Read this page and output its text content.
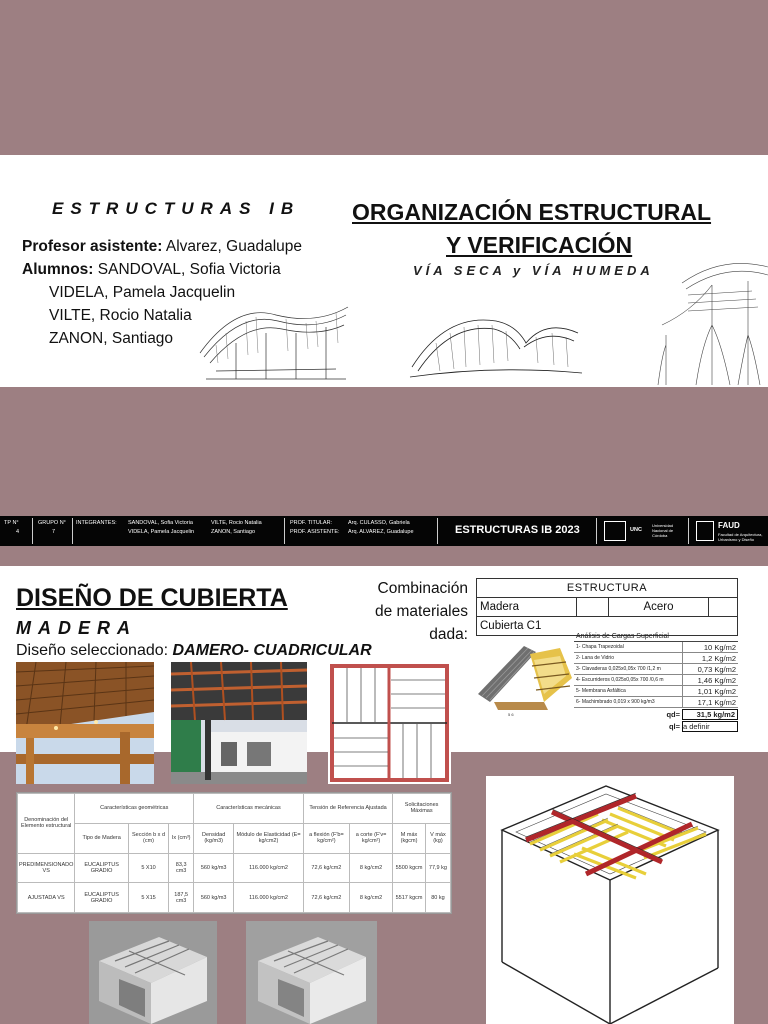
ESTRUCTURAS IB ORGANIZACIÓN ESTRUCTURAL
Y VERIFICACIÓN
VÍA SECA y VÍA HUMEDA
Profesor asistente: Alvarez, Guadalupe
Alumnos: SANDOVAL, Sofia Victoria
VIDELA, Pamela Jacquelin
VILTE, Rocio Natalia
ZANON, Santiago
TP N°
4
GRUPO N°
7
INTEGRANTES: SANDOVAL, Sofia Victoria
VIDELA, Pamela Jacquelin
VILTE, Rocio Natalia
ZANON, Santiago
PROF. TITULAR:
PROF. ASISTENTE:
Arq. CULASSO, Gabriela
Arq. ALVAREZ, Guadalupe	ESTRUCTURAS IB 2023	UNC
Universidad Nacional de Córdoba
FAUD
Facultad de Arquitectura, Urbanismo y Diseño
DISEÑO DE CUBIERTA
MADERA
Diseño seleccionado: DAMERO- CUADRICULAR
Combinación de materiales dada:
ESTRUCTURA
Madera		Acero	
Cubierta C1
5 6
Análisis de Cargas Superficial
1- Chapa Trapezoidal	10 Kg/m2
2- Lana de Vidrio	1,2 Kg/m2
3- Clavaderas 0,025x0,05x 700 /1,2 m	0,73 Kg/m2
4- Escurrideros 0,025x0,05x 700 /0,6 m	1,46 Kg/m2
5- Membrana Asfáltica	1,01 Kg/m2
6- Machimbrado 0,019 x 900 kg/m3	17,1 Kg/m2
qd=	31,5 kg/m2
ql= a definir
Denominación del Elemento estructural	Características geométricas			Características mecánicas		Tensión de Referencia Ajustada		Solicitaciones Máximas	
	Tipo de Madera	Sección b x d (cm)	Ix (cm³)	Densidad (kg/m3)	Módulo de Elasticidad (E= kg/cm2)	a flexión (F'b= kg/cm²)	a corte (F'v= kg/cm²)	M máx (kgcm)	V máx (kg)
PREDIMENSIONADO VS	EUCALIPTUS GRADIO	5 X10	83,3 cm3	560 kg/m3	116.000 kg/cm2	72,6 kg/cm2	8 kg/cm2	5500 kgcm	77,9 kg
AJUSTADA VS	EUCALIPTUS GRADIO	5 X15	187,5 cm3	560 kg/m3	116.000 kg/cm2	72,6 kg/cm2	8 kg/cm2	5517 kgcm	80 kg
